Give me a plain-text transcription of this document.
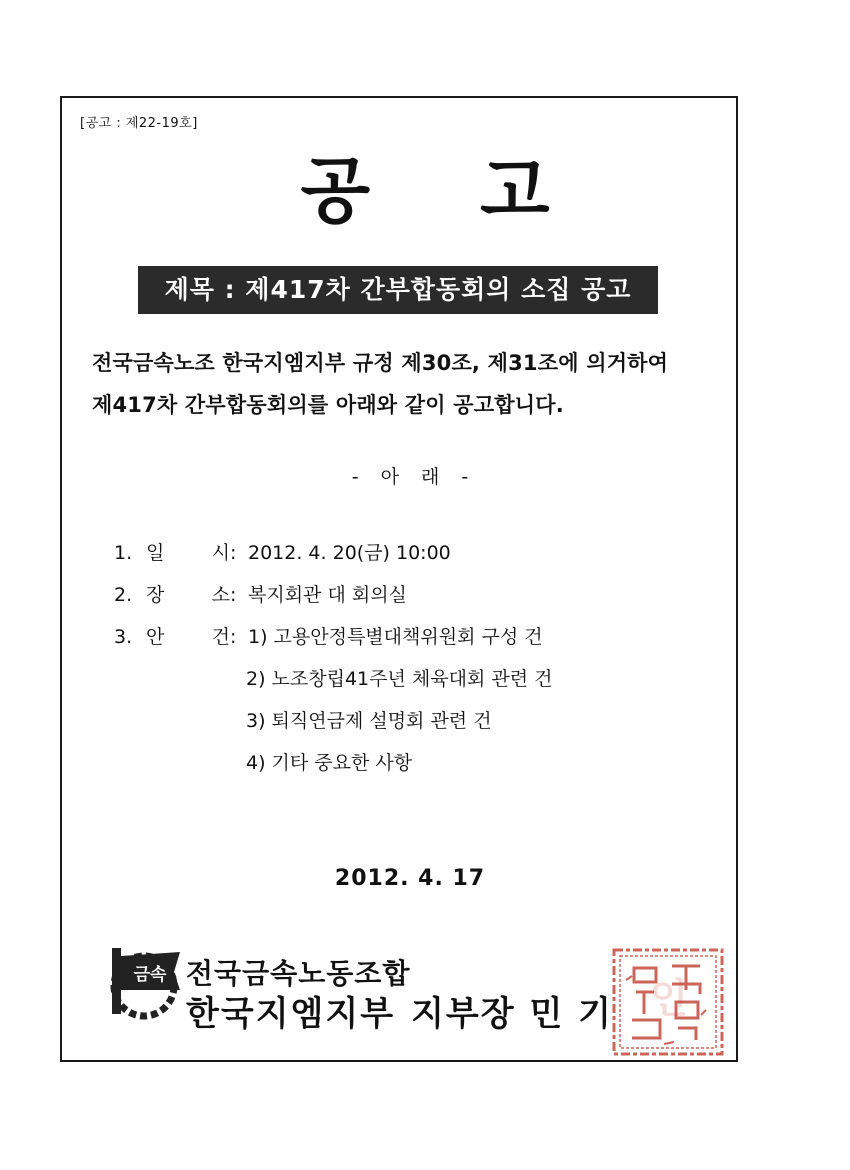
[공고 : 제22-19호]
공고
제목 : 제417차 간부합동회의 소집 공고
전국금속노조 한국지엠지부 규정 제30조, 제31조에 의거하여
제417차 간부합동회의를 아래와 같이 공고합니다.
- 아 래 -
1. 일 시 : 2012. 4. 20(금) 10:00
2. 장 소 : 복지회관 대 회의실
3. 안 건 : 1) 고용안정특별대책위원회 구성 건
2) 노조창립41주년 체육대회 관련 건
3) 퇴직연금제 설명회 관련 건
4) 기타 중요한 사항
2012. 4. 17
금속 전국금속노동조합
한국지엠지부 지부장 민 기 인
